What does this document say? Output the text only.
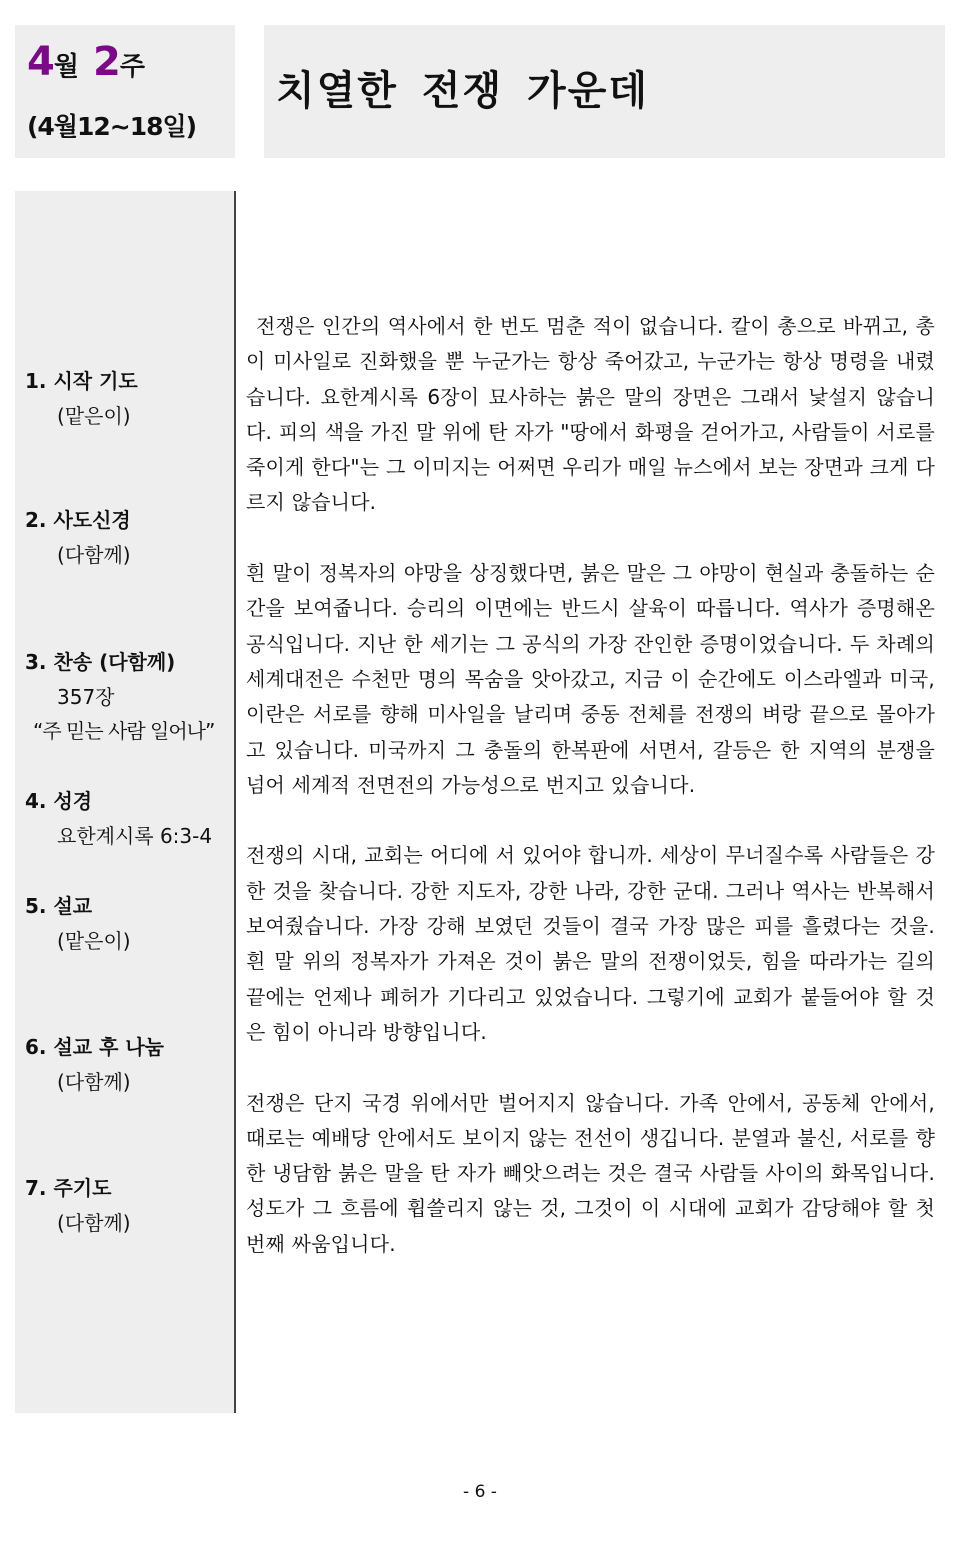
4 월 2 주
(4월12~18일)
치열한 전쟁 가운데
1. 시작 기도
(맡은이)
2. 사도신경
(다함께)
3. 찬송 (다함께)
357장
“주 믿는 사람 일어나”
4. 성경
요한계시록 6:3-4
5. 설교
(맡은이)
6. 설교 후 나눔
(다함께)
7. 주기도
(다함께)

전쟁은 인간의 역사에서 한 번도 멈춘 적이 없습니다. 칼이 총으로 바뀌고, 총이 미사일로 진화했을 뿐 누군가는 항상 죽어갔고, 누군가는 항상 명령을 내렸습니다. 요한계시록 6장이 묘사하는 붉은 말의 장면은 그래서 낯설지 않습니다. 피의 색을 가진 말 위에 탄 자가 "땅에서 화평을 걷어가고, 사람들이 서로를 죽이게 한다"는 그 이미지는 어쩌면 우리가 매일 뉴스에서 보는 장면과 크게 다르지 않습니다.

흰 말이 정복자의 야망을 상징했다면, 붉은 말은 그 야망이 현실과 충돌하는 순간을 보여줍니다. 승리의 이면에는 반드시 살육이 따릅니다. 역사가 증명해온 공식입니다. 지난 한 세기는 그 공식의 가장 잔인한 증명이었습니다. 두 차례의 세계대전은 수천만 명의 목숨을 앗아갔고, 지금 이 순간에도 이스라엘과 미국, 이란은 서로를 향해 미사일을 날리며 중동 전체를 전쟁의 벼랑 끝으로 몰아가고 있습니다. 미국까지 그 충돌의 한복판에 서면서, 갈등은 한 지역의 분쟁을 넘어 세계적 전면전의 가능성으로 번지고 있습니다.

전쟁의 시대, 교회는 어디에 서 있어야 합니까. 세상이 무너질수록 사람들은 강한 것을 찾습니다. 강한 지도자, 강한 나라, 강한 군대. 그러나 역사는 반복해서 보여줬습니다. 가장 강해 보였던 것들이 결국 가장 많은 피를 흘렸다는 것을. 흰 말 위의 정복자가 가져온 것이 붉은 말의 전쟁이었듯, 힘을 따라가는 길의 끝에는 언제나 폐허가 기다리고 있었습니다. 그렇기에 교회가 붙들어야 할 것은 힘이 아니라 방향입니다.

전쟁은 단지 국경 위에서만 벌어지지 않습니다. 가족 안에서, 공동체 안에서, 때로는 예배당 안에서도 보이지 않는 전선이 생깁니다. 분열과 불신, 서로를 향한 냉담함 붉은 말을 탄 자가 빼앗으려는 것은 결국 사람들 사이의 화목입니다. 성도가 그 흐름에 휩쓸리지 않는 것, 그것이 이 시대에 교회가 감당해야 할 첫 번째 싸움입니다.

- 6 -
